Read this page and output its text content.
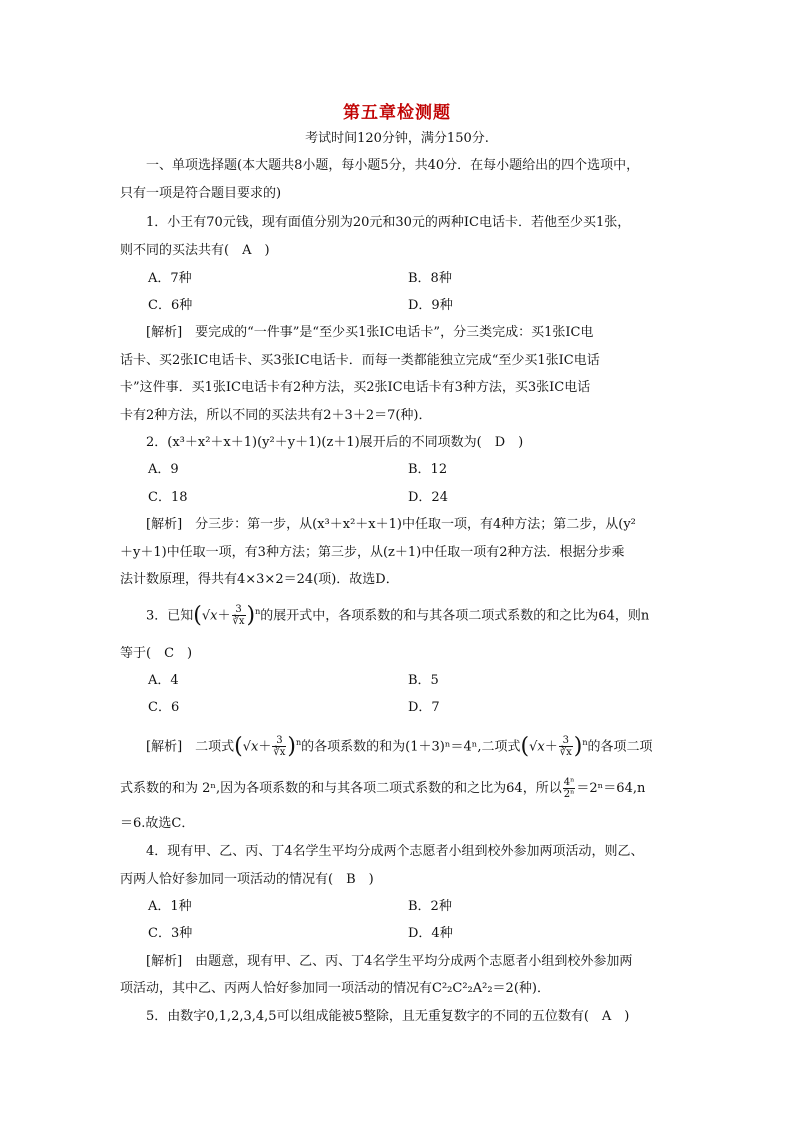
第五章检测题
考试时间120分钟，满分150分.
一、单项选择题(本大题共8小题，每小题5分，共40分．在每小题给出的四个选项中，
只有一项是符合题目要求的)
1．小王有70元钱，现有面值分别为20元和30元的两种IC电话卡．若他至少买1张，
则不同的买法共有(　A　)
A．7种	B．8种
C．6种	D．9种
[解析]　要完成的“一件事”是“至少买1张IC电话卡”，分三类完成：买1张IC电
话卡、买2张IC电话卡、买3张IC电话卡．而每一类都能独立完成“至少买1张IC电话
卡”这件事．买1张IC电话卡有2种方法，买2张IC电话卡有3种方法，买3张IC电话
卡有2种方法，所以不同的买法共有2＋3＋2＝7(种)．
2．(x³＋x²＋x＋1)(y²＋y＋1)(z＋1)展开后的不同项数为(　D　)
A．9	B．12
C．18	D．24
[解析]　分三步：第一步，从(x³＋x²＋x＋1)中任取一项，有4种方法；第二步，从(y²
＋y＋1)中任取一项，有3种方法；第三步，从(z＋1)中任取一项有2种方法．根据分步乘
法计数原理，得共有4×3×2＝24(项)．故选D．
3．已知$(√x+ \frac{3}{∛x} )^n$的展开式中，各项系数的和与其各项二项式系数的和之比为64，则n
等于(　C　)
A．4	B．5
C．6	D．7
[解析]　二项式$(√x+ \frac{3}{∛x} )^n$的各项系数的和为(1＋3)ⁿ＝4ⁿ,二项式$(√x+ \frac{3}{∛x} )^n$的各项二项
式系数的和为 2ⁿ,因为各项系数的和与其各项二项式系数的和之比为64，所以 $\frac{\text{4ⁿ}}{\text{2ⁿ}} =2^n=64,n$
＝6.故选C．
4．现有甲、乙、丙、丁4名学生平均分成两个志愿者小组到校外参加两项活动，则乙、
丙两人恰好参加同一项活动的情况有(　B　)
A．1种	B．2种
C．3种	D．4种
[解析]　由题意，现有甲、乙、丙、丁4名学生平均分成两个志愿者小组到校外参加两
项活动，其中乙、丙两人恰好参加同一项活动的情况有C²₂C²₂A²₂＝2(种)．
5．由数字0,1,2,3,4,5可以组成能被5整除，且无重复数字的不同的五位数有(　A　)
